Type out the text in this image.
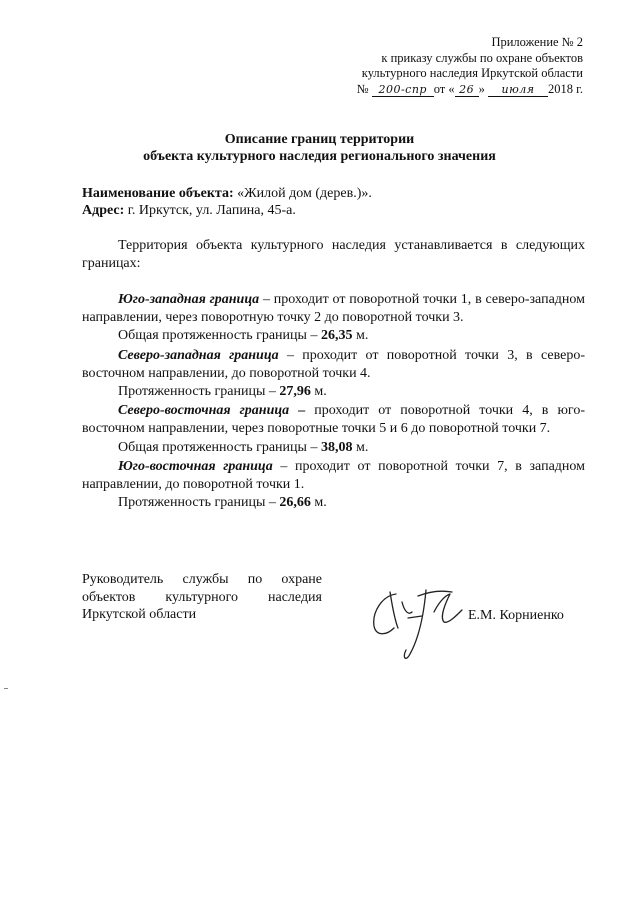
Приложение № 2
к приказу службы по охране объектов
культурного наследия Иркутской области
№ 200-спр от « 26 » июля 2018 г.
Описание границ территории
объекта культурного наследия регионального значения
Наименование объекта: «Жилой дом (дерев.)».
Адрес: г. Иркутск, ул. Лапина, 45-а.
Территория объекта культурного наследия устанавливается в следующих границах:

Юго-западная граница – проходит от поворотной точки 1, в северо-западном направлении, через поворотную точку 2 до поворотной точки 3.

Общая протяженность границы – 26,35 м.

Северо-западная граница – проходит от поворотной точки 3, в северо-восточном направлении, до поворотной точки 4.

Протяженность границы – 27,96 м.

Северо-восточная граница – проходит от поворотной точки 4, в юго-восточном направлении, через поворотные точки 5 и 6 до поворотной точки 7.

Общая протяженность границы – 38,08 м.

Юго-восточная граница – проходит от поворотной точки 7, в западном направлении, до поворотной точки 1.

Протяженность границы – 26,66 м.

Руководитель службы по охране
объектов культурного наследия
Иркутской области	Е.М. Корниенко
